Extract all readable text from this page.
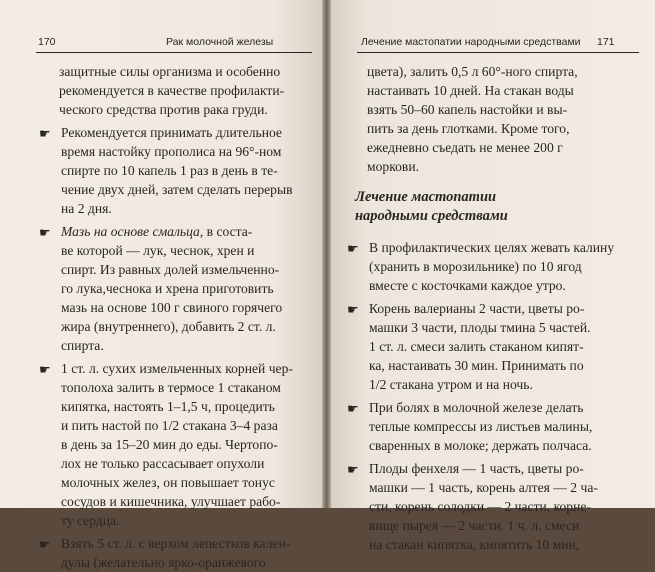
170	Рак молочной железы
защитные силы организма и особенно
рекомендуется в качестве профилакти-
ческого средства против рака груди.
☛ Рекомендуется принимать длительное
время настойку прополиса на 96°-ном
спирте по 10 капель 1 раз в день в те-
чение двух дней, затем сделать перерыв
на 2 дня.
☛ Мазь на основе смальца, в соста-
ве которой — лук, чеснок, хрен и
спирт. Из равных долей измельченно-
го лука,чеснока и хрена приготовить
мазь на основе 100 г свиного горячего
жира (внутреннего), добавить 2 ст. л.
спирта.
☛ 1 ст. л. сухих измельченных корней чер-
тополоха залить в термосе 1 стаканом
кипятка, настоять 1–1,5 ч, процедить
и пить настой по 1/2 стакана 3–4 раза
в день за 15–20 мин до еды. Чертопо-
лох не только рассасывает опухоли
молочных желез, он повышает тонус
сосудов и кишечника, улучшает рабо-
ту сердца.
☛ Взять 5 ст. л. с верхом лепестков кален-
дулы (желательно ярко-оранжевого
Лечение мастопатии народными средствами 171
цвета), залить 0,5 л 60°-ного спирта,
настаивать 10 дней. На стакан воды
взять 50–60 капель настойки и вы-
пить за день глотками. Кроме того,
ежедневно съедать не менее 200 г
моркови.
Лечение мастопатии
народными средствами
☛ В профилактических целях жевать калину
(хранить в морозильнике) по 10 ягод
вместе с косточками каждое утро.
☛ Корень валерианы 2 части, цветы ро-
машки 3 части, плоды тмина 5 частей.
1 ст. л. смеси залить стаканом кипят-
ка, настаивать 30 мин. Принимать по
1/2 стакана утром и на ночь.
☛ При болях в молочной железе делать
теплые компрессы из листьев малины,
сваренных в молоке; держать полчаса.
☛ Плоды фенхеля — 1 часть, цветы ро-
машки — 1 часть, корень алтея — 2 ча-
сти, корень солодки — 2 части, корне-
вище пырея — 2 части. 1 ч. л. смеси
на стакан кипятка, кипятить 10 мин,
